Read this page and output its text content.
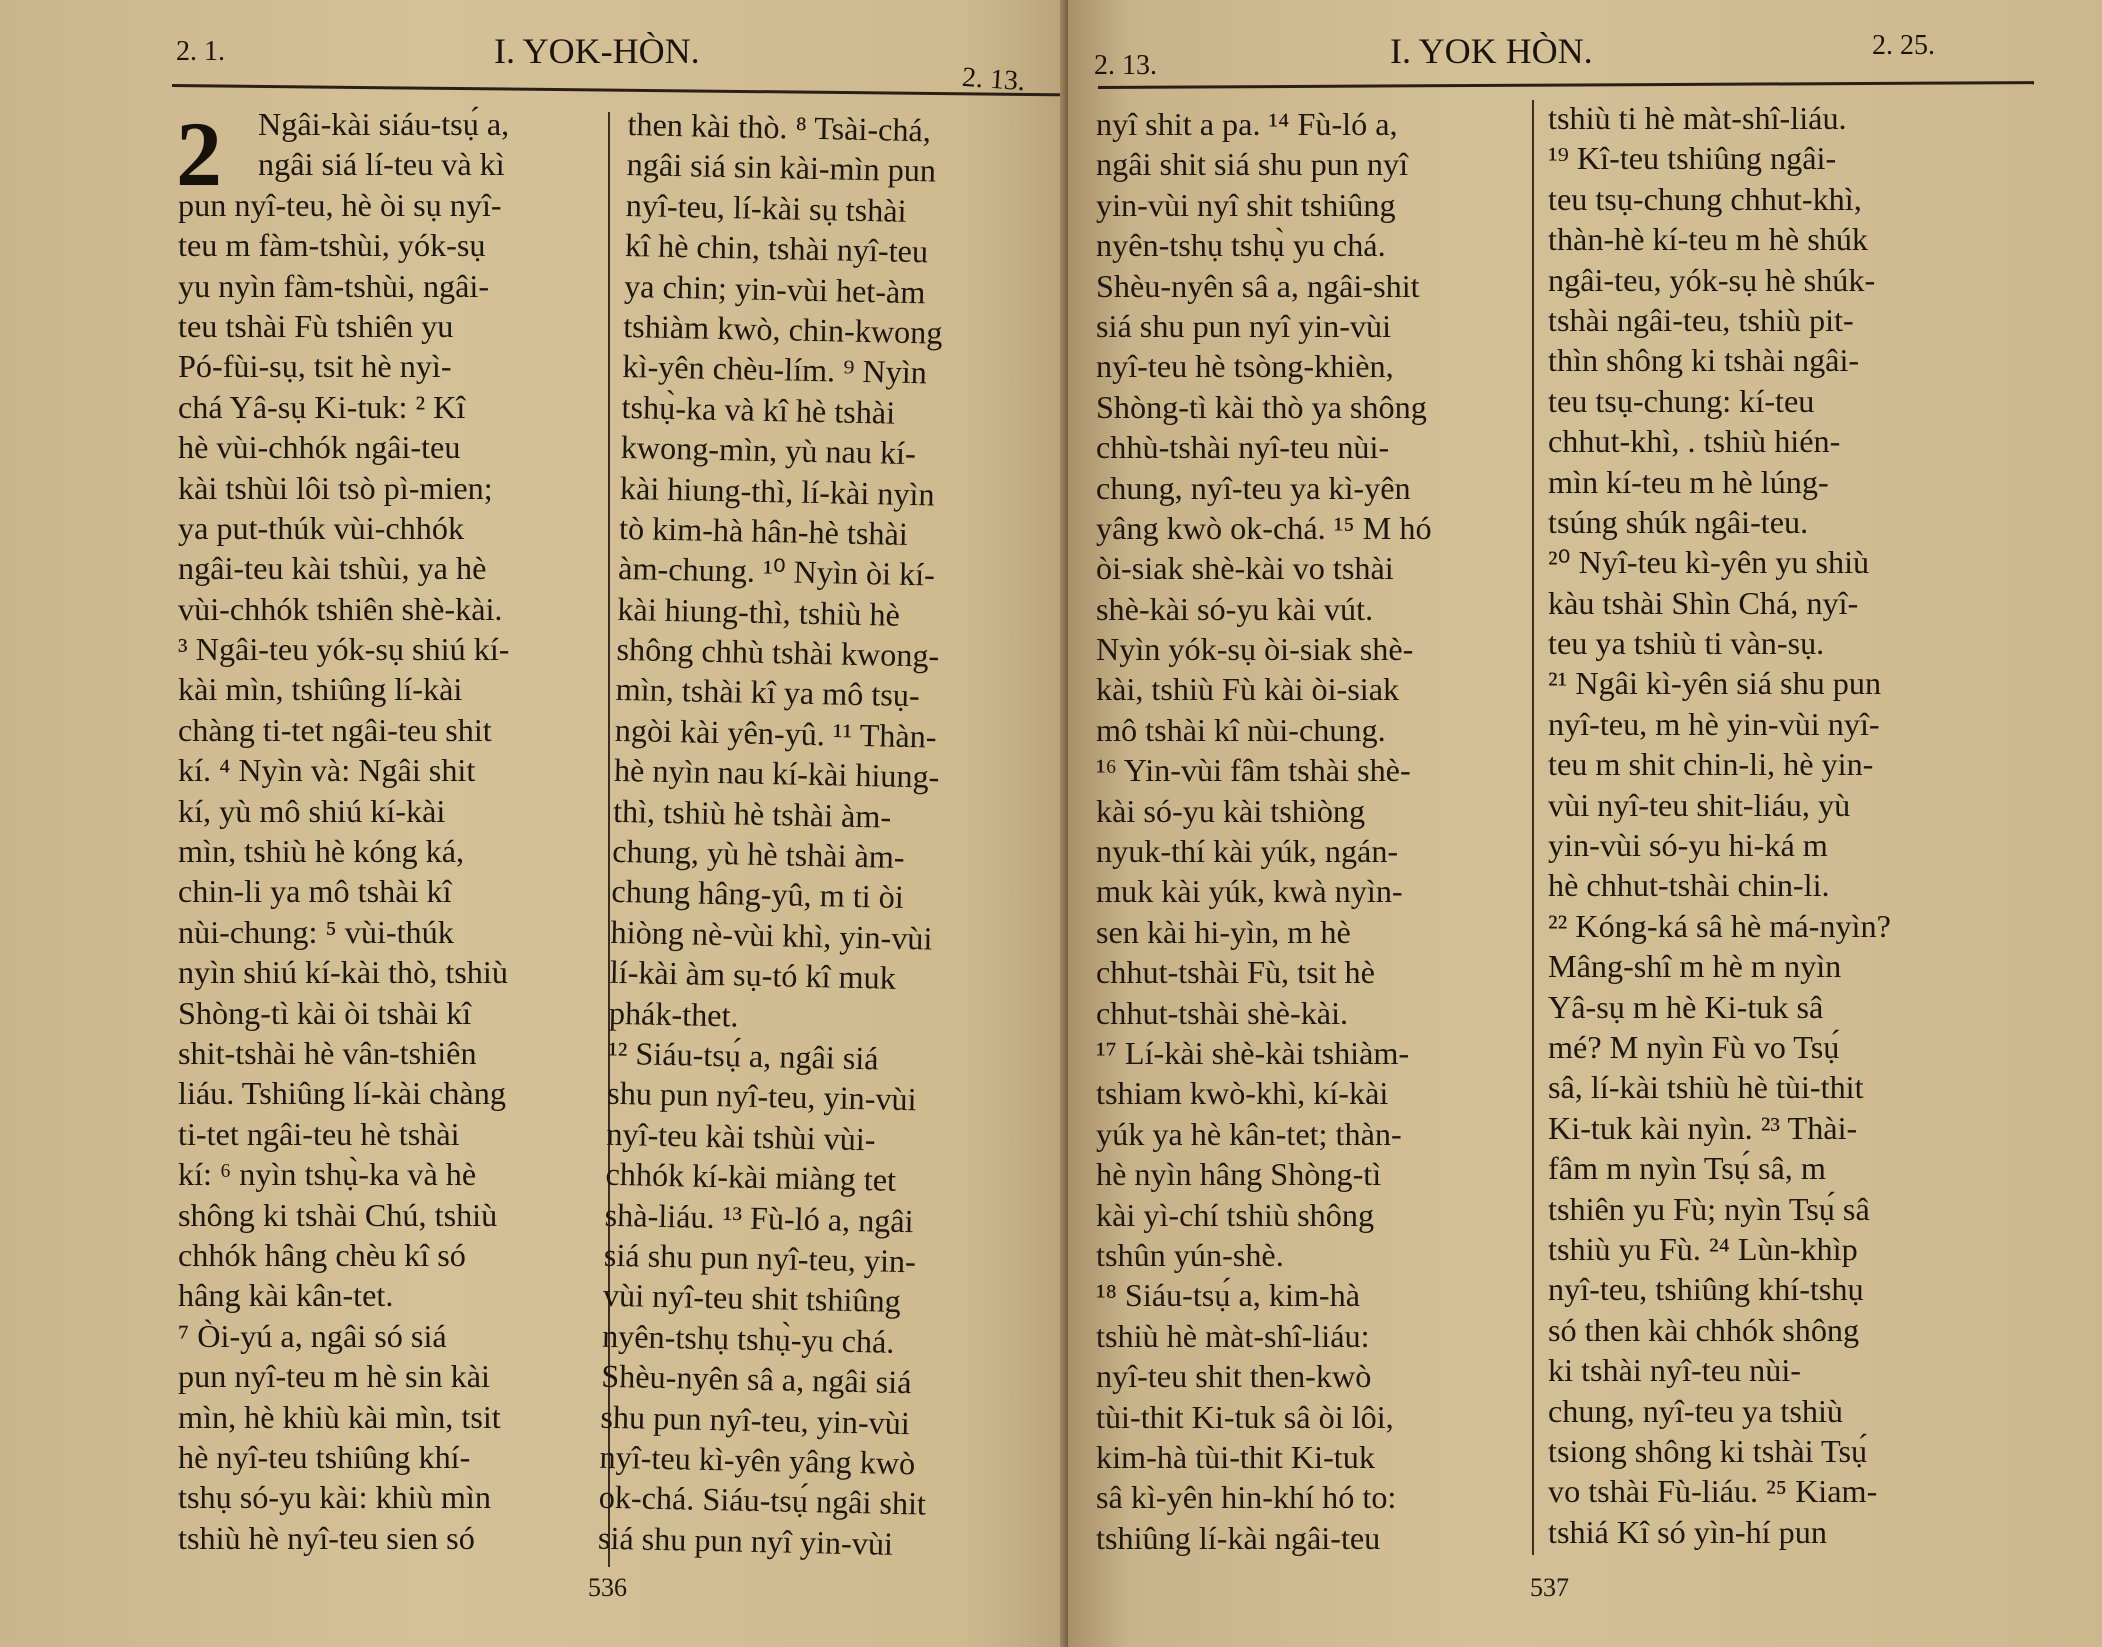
2. 1.	I. YOK-HÒN.
2. 13.
2	Ngâi-kài siáu-tsụ́ a,
ngâi siá lí-teu và kì
pun nyî-teu, hè òi sụ nyî-
teu m fàm-tshùi, yók-sụ
yu nyìn fàm-tshùi, ngâi-
teu tshài Fù tshiên yu
Pó-fùi-sụ, tsit hè nyì-
chá Yâ-sụ Ki-tuk: ² Kî
hè vùi-chhók ngâi-teu
kài tshùi lôi tsò pì-mien;
ya put-thúk vùi-chhók
ngâi-teu kài tshùi, ya hè
vùi-chhók tshiên shè-kài.
³ Ngâi-teu yók-sụ shiú kí-
kài mìn, tshiûng lí-kài
chàng ti-tet ngâi-teu shit
kí. ⁴ Nyìn và: Ngâi shit
kí, yù mô shiú kí-kài
mìn, tshiù hè kóng ká,
chin-li ya mô tshài kî
nùi-chung: ⁵ vùi-thúk
nyìn shiú kí-kài thò, tshiù
Shòng-tì kài òi tshài kî
shit-tshài hè vân-tshiên
liáu. Tshiûng lí-kài chàng
ti-tet ngâi-teu hè tshài
kí: ⁶ nyìn tshụ̀-ka và hè
shông ki tshài Chú, tshiù
chhók hâng chèu kî só
hâng kài kân-tet.
⁷ Òi-yú a, ngâi só siá
pun nyî-teu m hè sin kài
mìn, hè khiù kài mìn, tsit
hè nyî-teu tshiûng khí-
tshụ só-yu kài: khiù mìn
tshiù hè nyî-teu sien só
then kài thò. ⁸ Tsài-chá,
ngâi siá sin kài-mìn pun
nyî-teu, lí-kài sụ tshài
kî hè chin, tshài nyî-teu
ya chin; yin-vùi het-àm
tshiàm kwò, chin-kwong
kì-yên chèu-lím. ⁹ Nyìn
tshụ̀-ka và kî hè tshài
kwong-mìn, yù nau kí-
kài hiung-thì, lí-kài nyìn
tò kim-hà hân-hè tshài
àm-chung. ¹⁰ Nyìn òi kí-
kài hiung-thì, tshiù hè
shông chhù tshài kwong-
mìn, tshài kî ya mô tsụ-
ngòi kài yên-yû. ¹¹ Thàn-
hè nyìn nau kí-kài hiung-
thì, tshiù hè tshài àm-
chung, yù hè tshài àm-
chung hâng-yû, m ti òi
hiòng nè-vùi khì, yin-vùi
lí-kài àm sụ-tó kî muk
phák-thet.
¹² Siáu-tsụ́ a, ngâi siá
shu pun nyî-teu, yin-vùi
nyî-teu kài tshùi vùi-
chhók kí-kài miàng tet
shà-liáu. ¹³ Fù-ló a, ngâi
siá shu pun nyî-teu, yin-
vùi nyî-teu shit tshiûng
nyên-tshụ tshụ̀-yu chá.
Shèu-nyên sâ a, ngâi siá
shu pun nyî-teu, yin-vùi
nyî-teu kì-yên yâng kwò
ok-chá. Siáu-tsụ́ ngâi shit
siá shu pun nyî yin-vùi
536
2. 13.	I. YOK HÒN.	2. 25.
nyî shit a pa. ¹⁴ Fù-ló a,
ngâi shit siá shu pun nyî
yin-vùi nyî shit tshiûng
nyên-tshụ tshụ̀ yu chá.
Shèu-nyên sâ a, ngâi-shit
siá shu pun nyî yin-vùi
nyî-teu hè tsòng-khièn,
Shòng-tì kài thò ya shông
chhù-tshài nyî-teu nùi-
chung, nyî-teu ya kì-yên
yâng kwò ok-chá. ¹⁵ M hó
òi-siak shè-kài vo tshài
shè-kài só-yu kài vút.
Nyìn yók-sụ òi-siak shè-
kài, tshiù Fù kài òi-siak
mô tshài kî nùi-chung.
¹⁶ Yin-vùi fâm tshài shè-
kài só-yu kài tshiòng
nyuk-thí kài yúk, ngán-
muk kài yúk, kwà nyìn-
sen kài hi-yìn, m hè
chhut-tshài Fù, tsit hè
chhut-tshài shè-kài.
¹⁷ Lí-kài shè-kài tshiàm-
tshiam kwò-khì, kí-kài
yúk ya hè kân-tet; thàn-
hè nyìn hâng Shòng-tì
kài yì-chí tshiù shông
tshûn yún-shè.
¹⁸ Siáu-tsụ́ a, kim-hà
tshiù hè màt-shî-liáu:
nyî-teu shit then-kwò
tùi-thit Ki-tuk sâ òi lôi,
kim-hà tùi-thit Ki-tuk
sâ kì-yên hin-khí hó to:
tshiûng lí-kài ngâi-teu
tshiù ti hè màt-shî-liáu.
¹⁹ Kî-teu tshiûng ngâi-
teu tsụ-chung chhut-khì,
thàn-hè kí-teu m hè shúk
ngâi-teu, yók-sụ hè shúk-
tshài ngâi-teu, tshiù pit-
thìn shông ki tshài ngâi-
teu tsụ-chung: kí-teu
chhut-khì, . tshiù hién-
mìn kí-teu m hè lúng-
tsúng shúk ngâi-teu.
²⁰ Nyî-teu kì-yên yu shiù
kàu tshài Shìn Chá, nyî-
teu ya tshiù ti vàn-sụ.
²¹ Ngâi kì-yên siá shu pun
nyî-teu, m hè yin-vùi nyî-
teu m shit chin-li, hè yin-
vùi nyî-teu shit-liáu, yù
yin-vùi só-yu hi-ká m
hè chhut-tshài chin-li.
²² Kóng-ká sâ hè má-nyìn?
Mâng-shî m hè m nyìn
Yâ-sụ m hè Ki-tuk sâ
mé? M nyìn Fù vo Tsụ́
sâ, lí-kài tshiù hè tùi-thit
Ki-tuk kài nyìn. ²³ Thài-
fâm m nyìn Tsụ́ sâ, m
tshiên yu Fù; nyìn Tsụ́ sâ
tshiù yu Fù. ²⁴ Lùn-khìp
nyî-teu, tshiûng khí-tshụ
só then kài chhók shông
ki tshài nyî-teu nùi-
chung, nyî-teu ya tshiù
tsiong shông ki tshài Tsụ́
vo tshài Fù-liáu. ²⁵ Kiam-
tshiá Kî só yìn-hí pun
537
